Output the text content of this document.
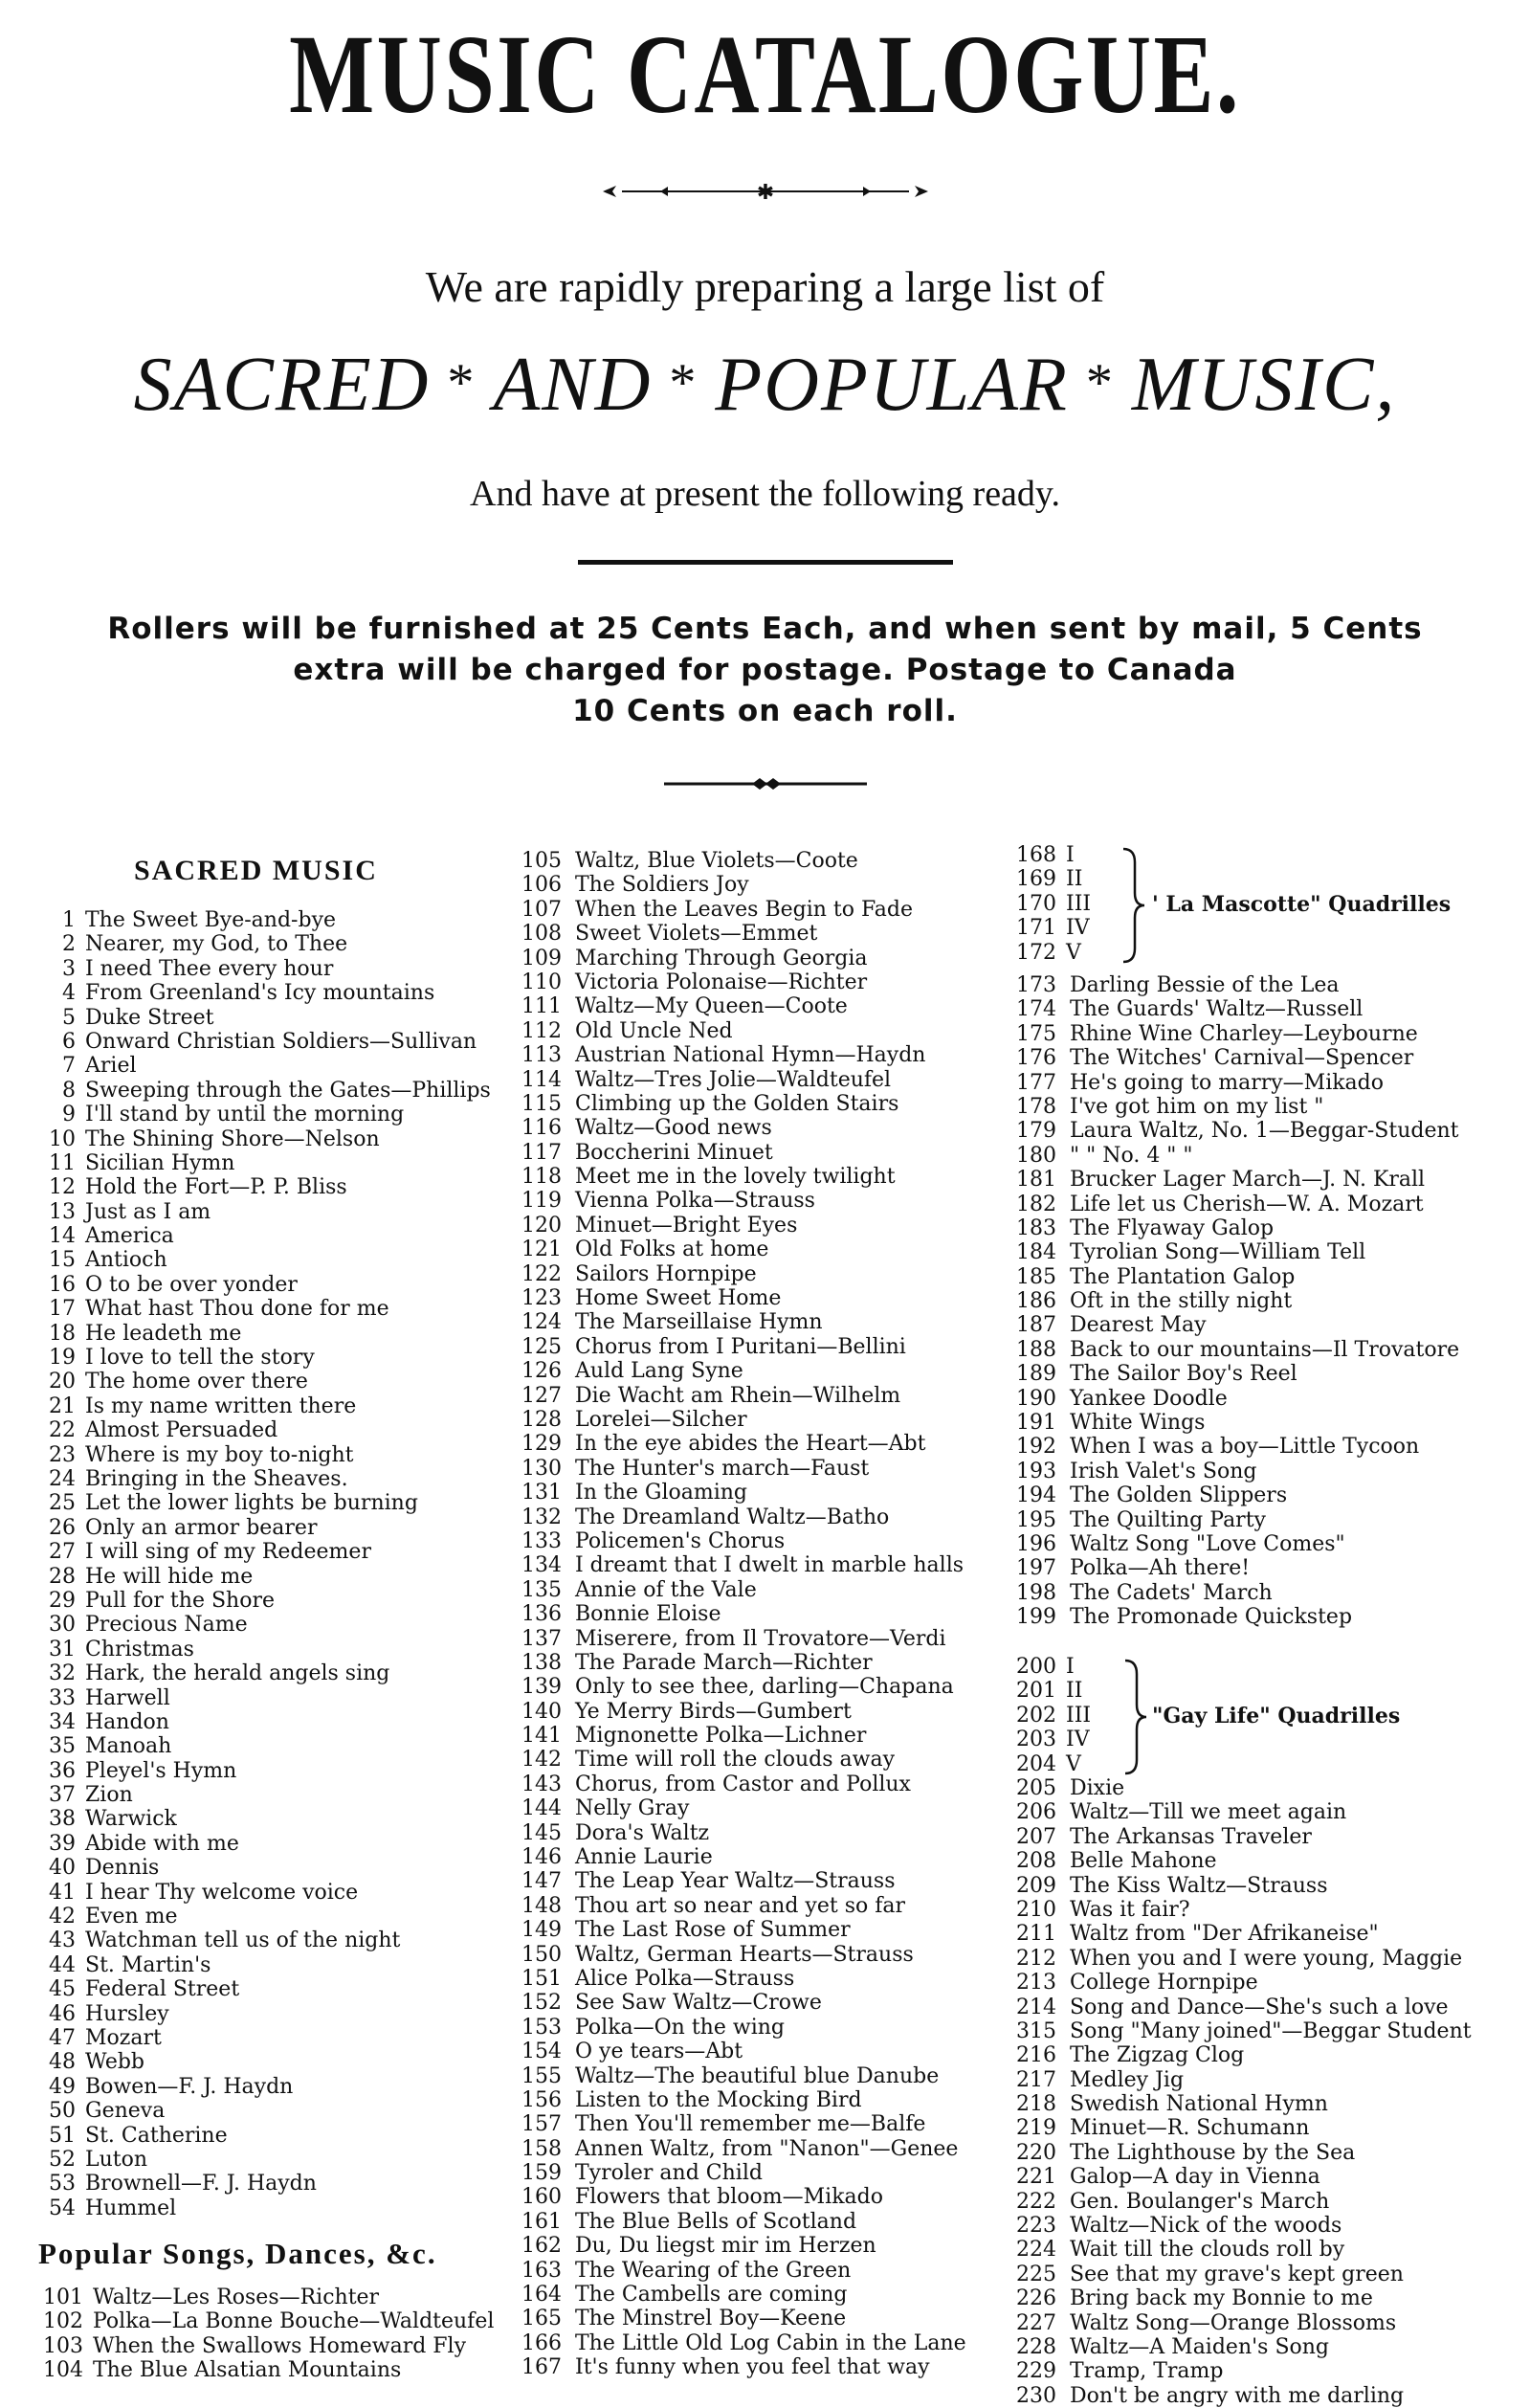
MUSIC CATALOGUE.
✱
We are rapidly preparing a large list of
SACRED * AND * POPULAR * MUSIC,
And have at present the following ready.
Rollers will be furnished at 25 Cents Each, and when sent by mail, 5 Cents
extra will be charged for postage. Postage to Canada
10 Cents on each roll.
SACRED MUSIC
1 The Sweet Bye-and-bye
2 Nearer, my God, to Thee
3 I need Thee every hour
4 From Greenland's Icy mountains
5 Duke Street
6 Onward Christian Soldiers—Sullivan
7 Ariel
8 Sweeping through the Gates—Phillips
9 I'll stand by until the morning
10 The Shining Shore—Nelson
11 Sicilian Hymn
12 Hold the Fort—P. P. Bliss
13 Just as I am
14 America
15 Antioch
16 O to be over yonder
17 What hast Thou done for me
18 He leadeth me
19 I love to tell the story
20 The home over there
21 Is my name written there
22 Almost Persuaded
23 Where is my boy to-night
24 Bringing in the Sheaves.
25 Let the lower lights be burning
26 Only an armor bearer
27 I will sing of my Redeemer
28 He will hide me
29 Pull for the Shore
30 Precious Name
31 Christmas
32 Hark, the herald angels sing
33 Harwell
34 Handon
35 Manoah
36 Pleyel's Hymn
37 Zion
38 Warwick
39 Abide with me
40 Dennis
41 I hear Thy welcome voice
42 Even me
43 Watchman tell us of the night
44 St. Martin's
45 Federal Street
46 Hursley
47 Mozart
48 Webb
49 Bowen—F. J. Haydn
50 Geneva
51 St. Catherine
52 Luton
53 Brownell—F. J. Haydn
54 Hummel
Popular Songs, Dances, &c.
101 Waltz—Les Roses—Richter
102 Polka—La Bonne Bouche—Waldteufel
103 When the Swallows Homeward Fly
104 The Blue Alsatian Mountains
105 Waltz, Blue Violets—Coote
106 The Soldiers Joy
107 When the Leaves Begin to Fade
108 Sweet Violets—Emmet
109 Marching Through Georgia
110 Victoria Polonaise—Richter
111 Waltz—My Queen—Coote
112 Old Uncle Ned
113 Austrian National Hymn—Haydn
114 Waltz—Tres Jolie—Waldteufel
115 Climbing up the Golden Stairs
116 Waltz—Good news
117 Boccherini Minuet
118 Meet me in the lovely twilight
119 Vienna Polka—Strauss
120 Minuet—Bright Eyes
121 Old Folks at home
122 Sailors Hornpipe
123 Home Sweet Home
124 The Marseillaise Hymn
125 Chorus from I Puritani—Bellini
126 Auld Lang Syne
127 Die Wacht am Rhein—Wilhelm
128 Lorelei—Silcher
129 In the eye abides the Heart—Abt
130 The Hunter's march—Faust
131 In the Gloaming
132 The Dreamland Waltz—Batho
133 Policemen's Chorus
134 I dreamt that I dwelt in marble halls
135 Annie of the Vale
136 Bonnie Eloise
137 Miserere, from Il Trovatore—Verdi
138 The Parade March—Richter
139 Only to see thee, darling—Chapana
140 Ye Merry Birds—Gumbert
141 Mignonette Polka—Lichner
142 Time will roll the clouds away
143 Chorus, from Castor and Pollux
144 Nelly Gray
145 Dora's Waltz
146 Annie Laurie
147 The Leap Year Waltz—Strauss
148 Thou art so near and yet so far
149 The Last Rose of Summer
150 Waltz, German Hearts—Strauss
151 Alice Polka—Strauss
152 See Saw Waltz—Crowe
153 Polka—On the wing
154 O ye tears—Abt
155 Waltz—The beautiful blue Danube
156 Listen to the Mocking Bird
157 Then You'll remember me—Balfe
158 Annen Waltz, from "Nanon"—Genee
159 Tyroler and Child
160 Flowers that bloom—Mikado
161 The Blue Bells of Scotland
162 Du, Du liegst mir im Herzen
163 The Wearing of the Green
164 The Cambells are coming
165 The Minstrel Boy—Keene
166 The Little Old Log Cabin in the Lane
167 It's funny when you feel that way
168 I
169 II
170 III
171 IV
172 V
' La Mascotte" Quadrilles
173 Darling Bessie of the Lea
174 The Guards' Waltz—Russell
175 Rhine Wine Charley—Leybourne
176 The Witches' Carnival—Spencer
177 He's going to marry—Mikado
178 I've got him on my list "
179 Laura Waltz, No. 1—Beggar-Student
180 " " No. 4 " "
181 Brucker Lager March—J. N. Krall
182 Life let us Cherish—W. A. Mozart
183 The Flyaway Galop
184 Tyrolian Song—William Tell
185 The Plantation Galop
186 Oft in the stilly night
187 Dearest May
188 Back to our mountains—Il Trovatore
189 The Sailor Boy's Reel
190 Yankee Doodle
191 White Wings
192 When I was a boy—Little Tycoon
193 Irish Valet's Song
194 The Golden Slippers
195 The Quilting Party
196 Waltz Song "Love Comes"
197 Polka—Ah there!
198 The Cadets' March
199 The Promonade Quickstep
200 I
201 II
202 III
203 IV
204 V
"Gay Life" Quadrilles
205 Dixie
206 Waltz—Till we meet again
207 The Arkansas Traveler
208 Belle Mahone
209 The Kiss Waltz—Strauss
210 Was it fair?
211 Waltz from "Der Afrikaneise"
212 When you and I were young, Maggie
213 College Hornpipe
214 Song and Dance—She's such a love
315 Song "Many joined"—Beggar Student
216 The Zigzag Clog
217 Medley Jig
218 Swedish National Hymn
219 Minuet—R. Schumann
220 The Lighthouse by the Sea
221 Galop—A day in Vienna
222 Gen. Boulanger's March
223 Waltz—Nick of the woods
224 Wait till the clouds roll by
225 See that my grave's kept green
226 Bring back my Bonnie to me
227 Waltz Song—Orange Blossoms
228 Waltz—A Maiden's Song
229 Tramp, Tramp
230 Don't be angry with me darling
